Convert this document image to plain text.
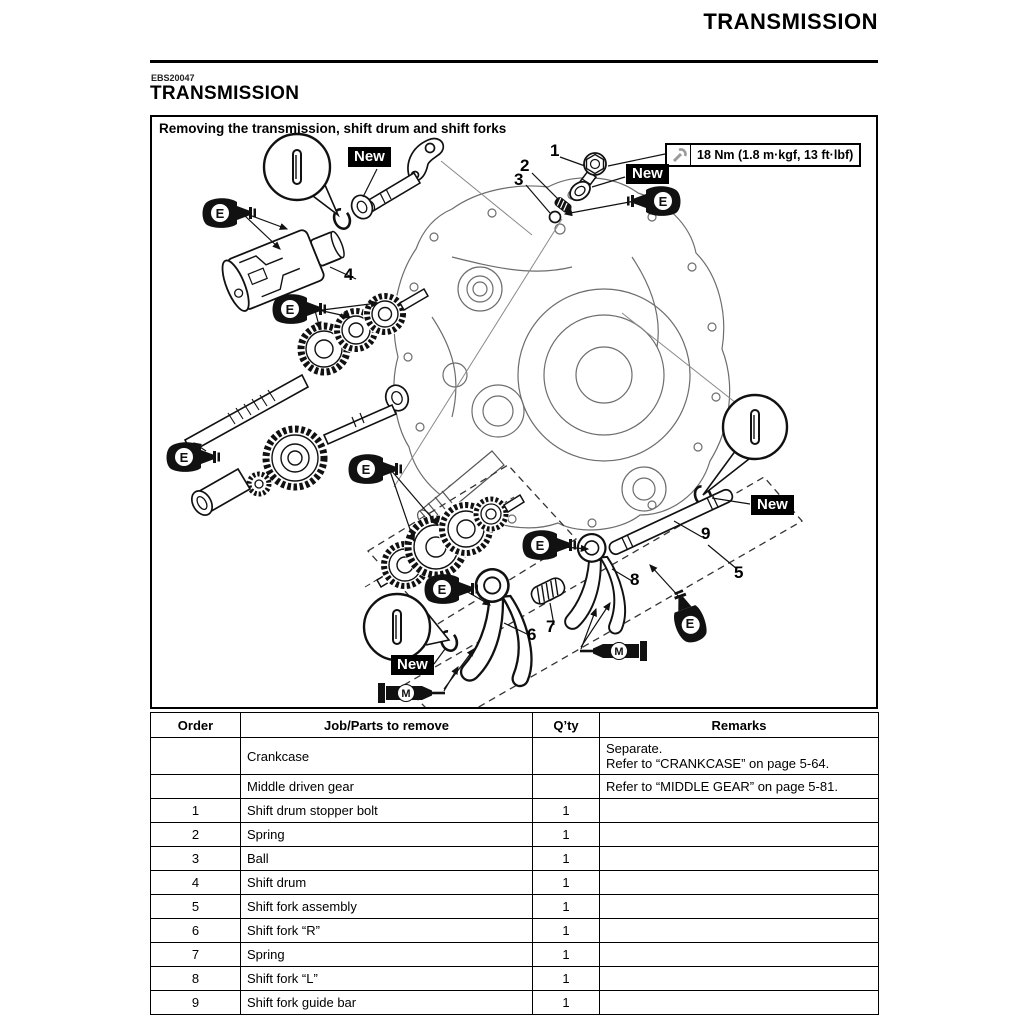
TRANSMISSION
EBS20047
TRANSMISSION
Removing the transmission, shift drum and shift forks
E
E
E
E
E
E
E
E
M
M
18 Nm (1.8 m·kgf, 13 ft·lbf)
New
New
New
New
1
2
3
4
5
6 7
8
9
Order	Job/Parts to remove	Q’ty	Remarks
	Crankcase		Separate.
Refer to “CRANKCASE” on page 5-64.

	Middle driven gear		Refer to “MIDDLE GEAR” on page 5-81.

1	Shift drum stopper bolt	1	
2	Spring	1	
3	Ball	1	
4	Shift drum	1	
5	Shift fork assembly	1	
6	Shift fork “R”	1	
7	Spring	1	
8	Shift fork “L”	1	
9	Shift fork guide bar	1	
